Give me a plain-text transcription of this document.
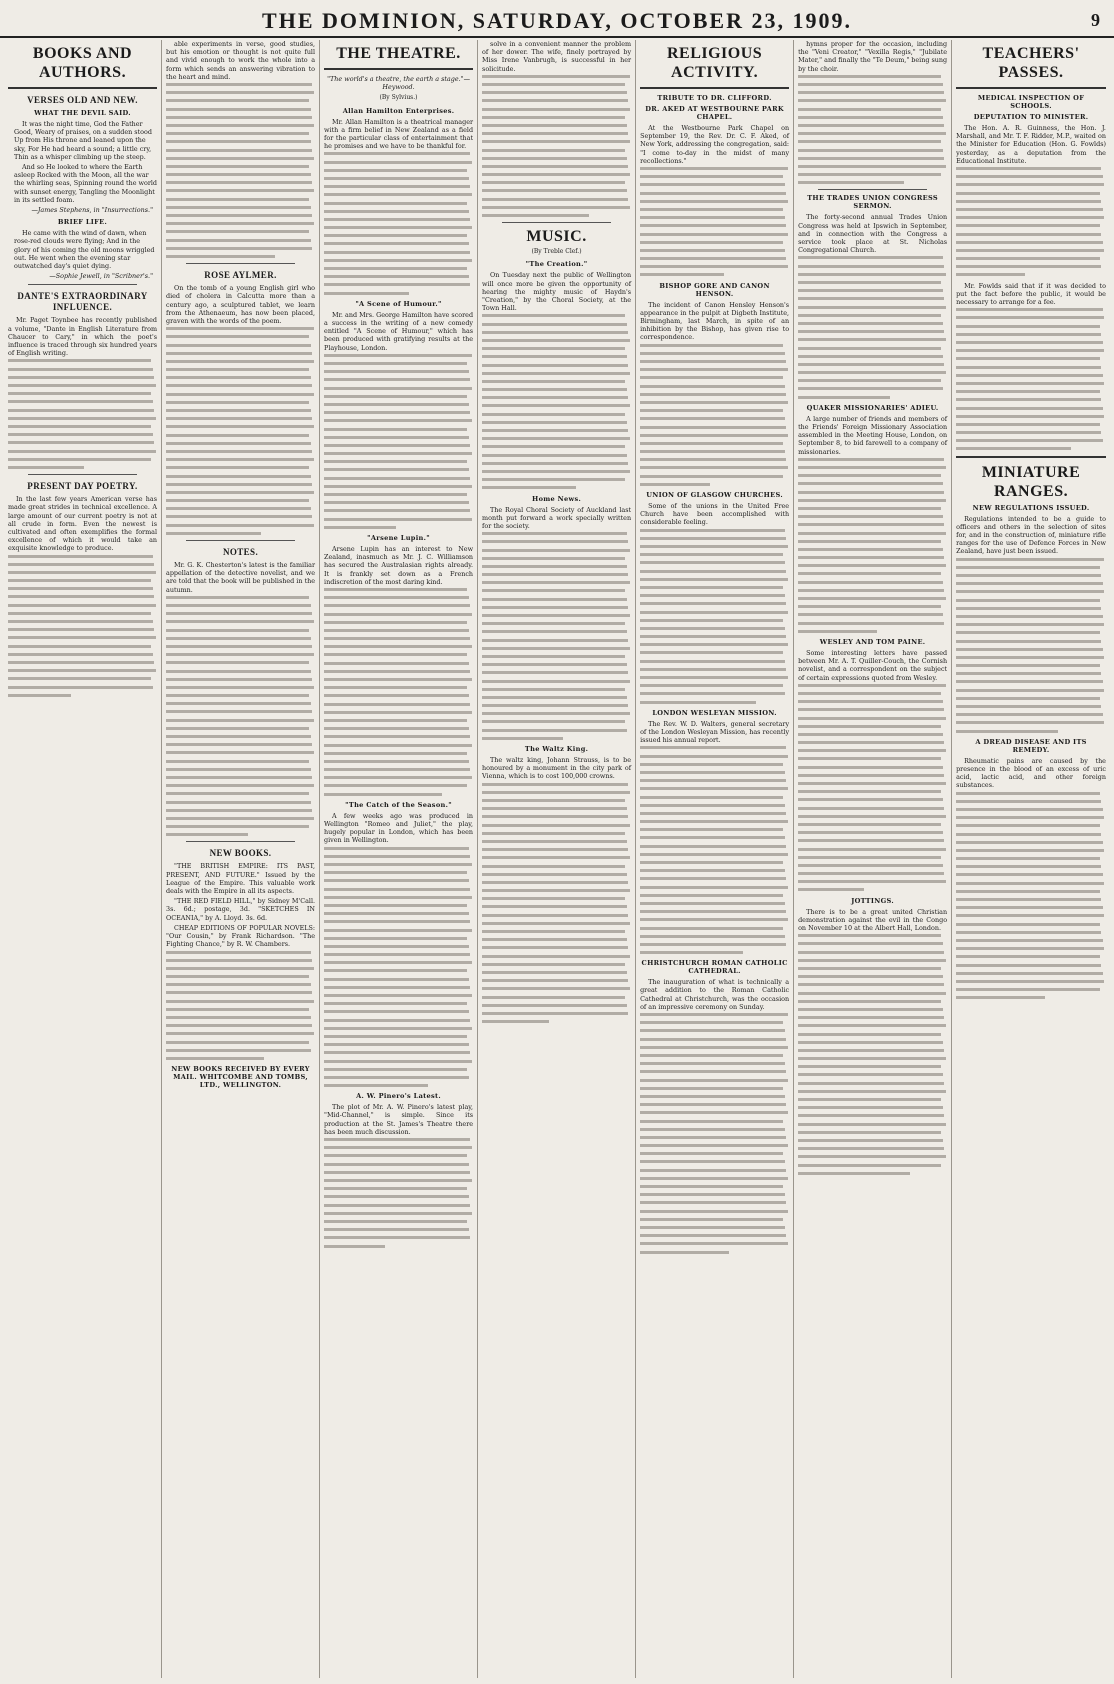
THE DOMINION, SATURDAY, OCTOBER 23, 1909.	9
BOOKS AND AUTHORS.
VERSES OLD AND NEW.
WHAT THE DEVIL SAID.

It was the night time, God the Father Good, Weary of praises, on a sudden stood Up from His throne and leaned upon the sky, For He had heard a sound; a little cry, Thin as a whisper climbing up the steep.

And so He looked to where the Earth asleep Rocked with the Moon, all the war the whirling seas, Spinning round the world with sunset energy, Tangling the Moonlight in its settled foam.

—James Stephens, in "Insurrections."
BRIEF LIFE.

He came with the wind of dawn, when rose-red clouds were flying; And in the glory of his coming the old moons wriggled out. He went when the evening star outwatched day's quiet dying.

—Sophie Jewell, in "Scribner's."
DANTE'S EXTRAORDINARY INFLUENCE.

Mr. Paget Toynbee has recently published a volume, "Dante in English Literature from Chaucer to Cary," in which the poet's influence is traced through six hundred years of English writing.

PRESENT DAY POETRY.

In the last few years American verse has made great strides in technical excellence. A large amount of our current poetry is not at all crude in form. Even the newest is cultivated and often exemplifies the formal excellence of which it would take an exquisite knowledge to produce.

able experiments in verse, good studies, but his emotion or thought is not quite full and vivid enough to work the whole into a form which sends an answering vibration to the heart and mind.

ROSE AYLMER.

On the tomb of a young English girl who died of cholera in Calcutta more than a century ago, a sculptured tablet, we learn from the Athenaeum, has now been placed, graven with the words of the poem.

NOTES.

Mr. G. K. Chesterton's latest is the familiar appellation of the detective novelist, and we are told that the book will be published in the autumn.

NEW BOOKS.

"THE BRITISH EMPIRE: ITS PAST, PRESENT, AND FUTURE." Issued by the League of the Empire. This valuable work deals with the Empire in all its aspects.

"THE RED FIELD HILL," by Sidney M'Call. 3s. 6d.; postage, 3d. "SKETCHES IN OCEANIA," by A. Lloyd. 3s. 6d.

CHEAP EDITIONS OF POPULAR NOVELS: "Our Cousin," by Frank Richardson. "The Fighting Chance," by R. W. Chambers.

NEW BOOKS RECEIVED BY EVERY MAIL. WHITCOMBE AND TOMBS, LTD., WELLINGTON.
THE THEATRE.
"The world's a theatre, the earth a stage."—Heywood.
(By Sylvius.)
Allan Hamilton Enterprises.

Mr. Allan Hamilton is a theatrical manager with a firm belief in New Zealand as a field for the particular class of entertainment that he promises and we have to be thankful for.

"A Scene of Humour."

Mr. and Mrs. George Hamilton have scored a success in the writing of a new comedy entitled "A Scene of Humour," which has been produced with gratifying results at the Playhouse, London.

"Arsene Lupin."

Arsene Lupin has an interest to New Zealand, inasmuch as Mr. J. C. Williamson has secured the Australasian rights already. It is frankly set down as a French indiscretion of the most daring kind.

"The Catch of the Season."

A few weeks ago was produced in Wellington "Romeo and Juliet," the play, hugely popular in London, which has been given in Wellington.

A. W. Pinero's Latest.

The plot of Mr. A. W. Pinero's latest play, "Mid-Channel," is simple. Since its production at the St. James's Theatre there has been much discussion.

solve in a convenient manner the problem of her dower. The wife, finely portrayed by Miss Irene Vanbrugh, is successful in her solicitude.

MUSIC.
(By Treble Clef.)
"The Creation."

On Tuesday next the public of Wellington will once more be given the opportunity of hearing the mighty music of Haydn's "Creation," by the Choral Society, at the Town Hall.

Home News.

The Royal Choral Society of Auckland last month put forward a work specially written for the society.

The Waltz King.

The waltz king, Johann Strauss, is to be honoured by a monument in the city park of Vienna, which is to cost 100,000 crowns.

RELIGIOUS ACTIVITY.
TRIBUTE TO DR. CLIFFORD.
DR. AKED AT WESTBOURNE PARK CHAPEL.

At the Westbourne Park Chapel on September 19, the Rev. Dr. C. F. Aked, of New York, addressing the congregation, said: "I come to-day in the midst of many recollections."

BISHOP GORE AND CANON HENSON.

The incident of Canon Hensley Henson's appearance in the pulpit at Digbeth Institute, Birmingham, last March, in spite of an inhibition by the Bishop, has given rise to correspondence.

UNION OF GLASGOW CHURCHES.

Some of the unions in the United Free Church have been accomplished with considerable feeling.

LONDON WESLEYAN MISSION.

The Rev. W. D. Walters, general secretary of the London Wesleyan Mission, has recently issued his annual report.

CHRISTCHURCH ROMAN CATHOLIC CATHEDRAL.

The inauguration of what is technically a great addition to the Roman Catholic Cathedral at Christchurch, was the occasion of an impressive ceremony on Sunday.

hymns proper for the occasion, including the "Veni Creator," "Vexilla Regis," "Jubilate Mater," and finally the "Te Deum," being sung by the choir.

THE TRADES UNION CONGRESS SERMON.

The forty-second annual Trades Union Congress was held at Ipswich in September, and in connection with the Congress a service took place at St. Nicholas Congregational Church.

QUAKER MISSIONARIES' ADIEU.

A large number of friends and members of the Friends' Foreign Missionary Association assembled in the Meeting House, London, on September 8, to bid farewell to a company of missionaries.

WESLEY AND TOM PAINE.

Some interesting letters have passed between Mr. A. T. Quiller-Couch, the Cornish novelist, and a correspondent on the subject of certain expressions quoted from Wesley.

JOTTINGS.

There is to be a great united Christian demonstration against the evil in the Congo on November 10 at the Albert Hall, London.

TEACHERS' PASSES.
MEDICAL INSPECTION OF SCHOOLS.
DEPUTATION TO MINISTER.

The Hon. A. R. Guinness, the Hon. J. Marshall, and Mr. T. F. Ridder, M.P., waited on the Minister for Education (Hon. G. Fowlds) yesterday, as a deputation from the Educational Institute.

Mr. Fowlds said that if it was decided to put the fact before the public, it would be necessary to arrange for a fee.

MINIATURE RANGES.
NEW REGULATIONS ISSUED.

Regulations intended to be a guide to officers and others in the selection of sites for, and in the construction of, miniature rifle ranges for the use of Defence Forces in New Zealand, have just been issued.

A DREAD DISEASE AND ITS REMEDY.

Rheumatic pains are caused by the presence in the blood of an excess of uric acid, lactic acid, and other foreign substances.
